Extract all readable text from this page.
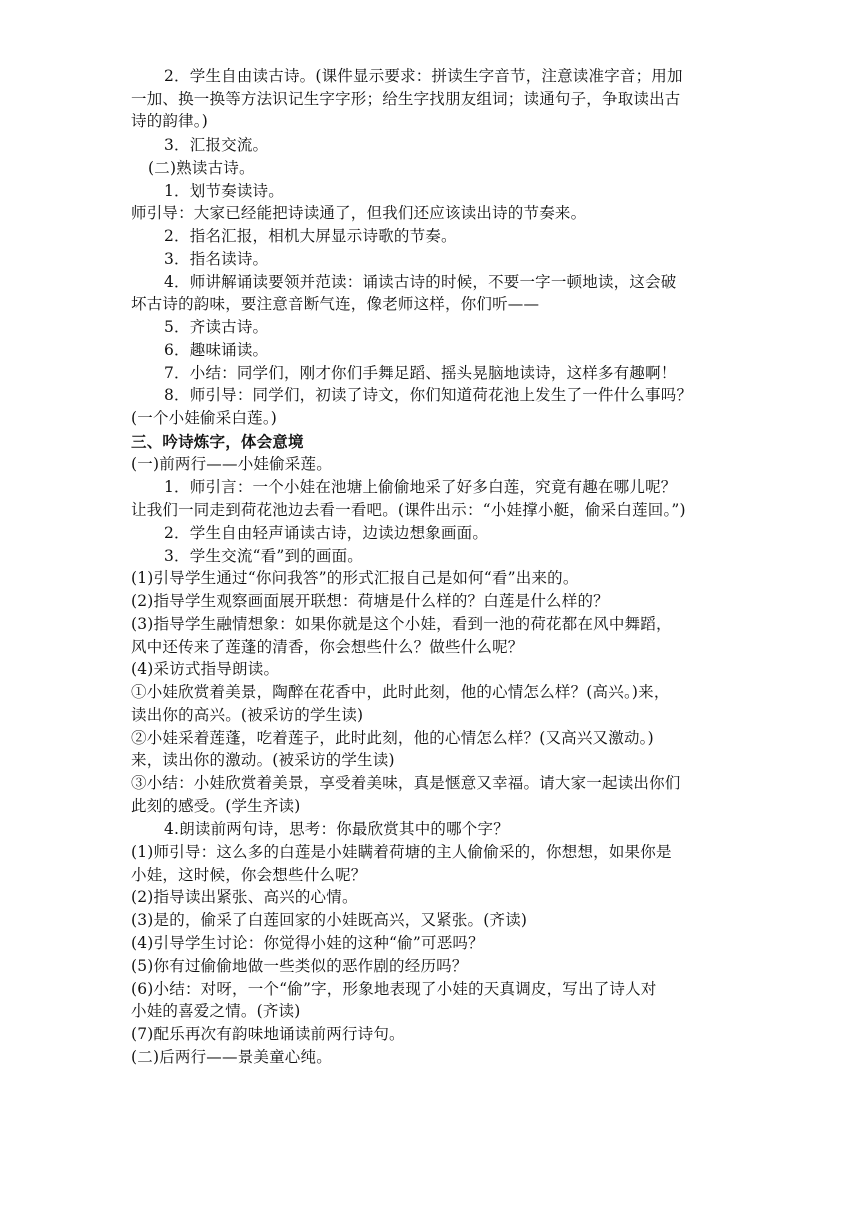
2．学生自由读古诗。(课件显示要求：拼读生字音节，注意读准字音；用加
一加、换一换等方法识记生字字形；给生字找朋友组词；读通句子，争取读出古
诗的韵律。)
3．汇报交流。
(二)熟读古诗。
1．划节奏读诗。
师引导：大家已经能把诗读通了，但我们还应该读出诗的节奏来。
2．指名汇报，相机大屏显示诗歌的节奏。
3．指名读诗。
4．师讲解诵读要领并范读：诵读古诗的时候，不要一字一顿地读，这会破
坏古诗的韵味，要注意音断气连，像老师这样，你们听——
5．齐读古诗。
6．趣味诵读。
7．小结：同学们，刚才你们手舞足蹈、摇头晃脑地读诗，这样多有趣啊！
8．师引导：同学们，初读了诗文，你们知道荷花池上发生了一件什么事吗？
(一个小娃偷采白莲。)
三、吟诗炼字，体会意境
(一)前两行——小娃偷采莲。
1．师引言：一个小娃在池塘上偷偷地采了好多白莲，究竟有趣在哪儿呢？
让我们一同走到荷花池边去看一看吧。(课件出示：“小娃撑小艇，偷采白莲回。”)
2．学生自由轻声诵读古诗，边读边想象画面。
3．学生交流“看”到的画面。
(1)引导学生通过“你问我答”的形式汇报自己是如何“看”出来的。
(2)指导学生观察画面展开联想：荷塘是什么样的？白莲是什么样的？
(3)指导学生融情想象：如果你就是这个小娃，看到一池的荷花都在风中舞蹈，
风中还传来了莲蓬的清香，你会想些什么？做些什么呢？
(4)采访式指导朗读。
①小娃欣赏着美景，陶醉在花香中，此时此刻，他的心情怎么样？(高兴。)来，
读出你的高兴。(被采访的学生读)
②小娃采着莲蓬，吃着莲子，此时此刻，他的心情怎么样？(又高兴又激动。)
来，读出你的激动。(被采访的学生读)
③小结：小娃欣赏着美景，享受着美味，真是惬意又幸福。请大家一起读出你们
此刻的感受。(学生齐读)
4.朗读前两句诗，思考：你最欣赏其中的哪个字？
(1)师引导：这么多的白莲是小娃瞒着荷塘的主人偷偷采的，你想想，如果你是
小娃，这时候，你会想些什么呢？
(2)指导读出紧张、高兴的心情。
(3)是的，偷采了白莲回家的小娃既高兴，又紧张。(齐读)
(4)引导学生讨论：你觉得小娃的这种“偷”可恶吗？
(5)你有过偷偷地做一些类似的恶作剧的经历吗？
(6)小结：对呀，一个“偷”字，形象地表现了小娃的天真调皮，写出了诗人对
小娃的喜爱之情。(齐读)
(7)配乐再次有韵味地诵读前两行诗句。
(二)后两行——景美童心纯。
